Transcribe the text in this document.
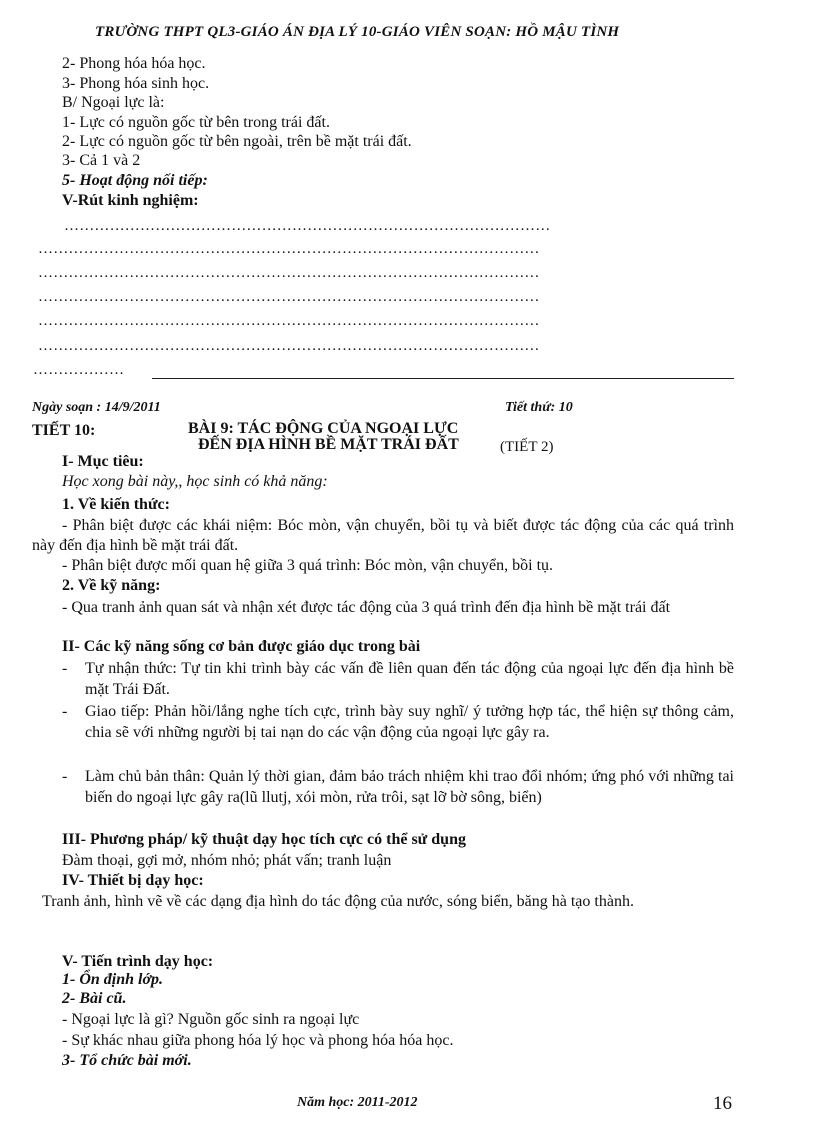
TRƯỜNG THPT QL3-GIÁO ÁN ĐỊA LÝ 10-GIÁO VIÊN SOẠN: HỒ MẬU TÌNH
2- Phong hóa hóa học.
3- Phong hóa sinh học.
B/ Ngoại lực là:
1- Lực có nguồn gốc từ bên trong trái đất.
2- Lực có nguồn gốc từ bên ngoài, trên bề mặt trái đất.
3- Cả 1 và 2
5- Hoạt động nối tiếp:
V-Rút kinh nghiệm:
……………………………………………………………………………………
………………………………………………………………………………………
………………………………………………………………………………………
………………………………………………………………………………………
………………………………………………………………………………………
………………………………………………………………………………………
………………
Ngày soạn : 14/9/2011	Tiết thứ: 10
TIẾT 10:	BÀI 9: TÁC ĐỘNG CỦA NGOẠI LỰC
ĐẾN ĐỊA HÌNH BỀ MẶT TRÁI ĐẤT	(TIẾT 2)
I- Mục tiêu:
Học xong bài này,, học sinh có khả năng:
1. Về kiến thức:
- Phân biệt được các khái niệm: Bóc mòn, vận chuyển, bồi tụ và biết được tác động của các quá trình này đến địa hình bề mặt trái đất.
- Phân biệt được mối quan hệ giữa 3 quá trình: Bóc mòn, vận chuyển, bồi tụ.
2. Về kỹ năng:
- Qua tranh ảnh quan sát và nhận xét được tác động của 3 quá trình đến địa hình bề mặt trái đất
II- Các kỹ năng sống cơ bản được giáo dục trong bài
- Tự nhận thức: Tự tin khi trình bày các vấn đề liên quan đến tác động của ngoại lực đến địa hình bề mặt Trái Đất.
- Giao tiếp: Phản hồi/lắng nghe tích cực, trình bày suy nghĩ/ ý tưởng hợp tác, thể hiện sự thông cảm, chia sẽ với những người bị tai nạn do các vận động của ngoại lực gây ra.
- Làm chủ bản thân: Quản lý thời gian, đảm bảo trách nhiệm khi trao đổi nhóm; ứng phó với những tai biến do ngoại lực gây ra(lũ llutj, xói mòn, rửa trôi, sạt lỡ bờ sông, biển)
III- Phương pháp/ kỹ thuật dạy học tích cực có thể sử dụng
Đàm thoại, gợi mở, nhóm nhỏ; phát vấn; tranh luận
IV- Thiết bị dạy học:
Tranh ảnh, hình vẽ về các dạng địa hình do tác động của nước, sóng biển, băng hà tạo thành.
V- Tiến trình dạy học:
1- Ổn định lớp.
2- Bài cũ.
- Ngoại lực là gì? Nguồn gốc sinh ra ngoại lực
- Sự khác nhau giữa phong hóa lý học và phong hóa hóa học.
3- Tổ chức bài mới.
Năm học: 2011-2012	16
